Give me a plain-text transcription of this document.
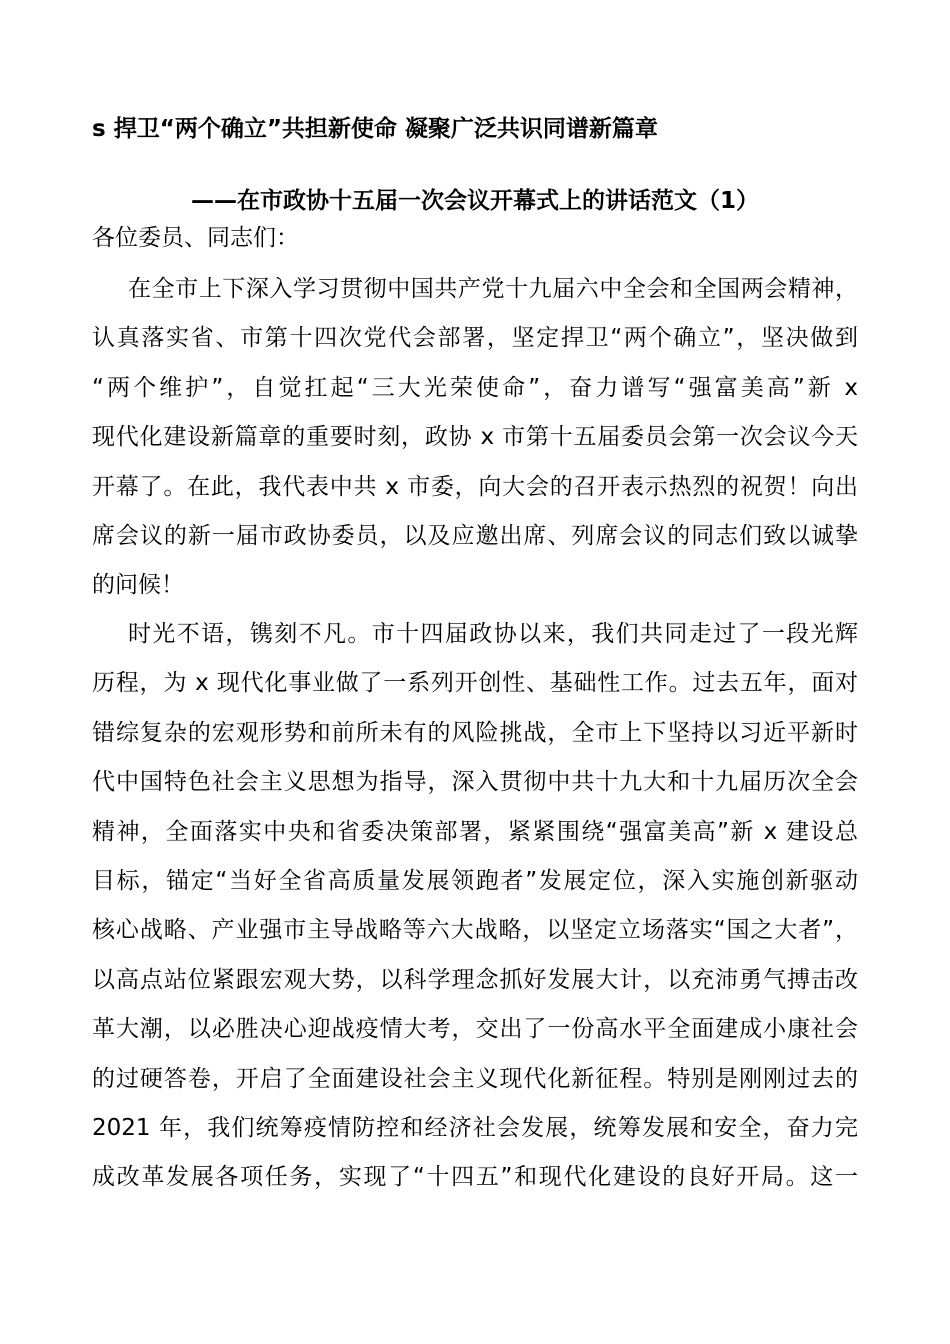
s 捍卫“两个确立”共担新使命 凝聚广泛共识同谱新篇章
——在市政协十五届一次会议开幕式上的讲话范文（1）

各位委员、同志们：

在全市上下深入学习贯彻中国共产党十九届六中全会和全国两会精神，
认真落实省、市第十四次党代会部署，坚定捍卫“两个确立”，坚决做到
“两个维护”，自觉扛起“三大光荣使命”，奋力谱写“强富美高”新 x
现代化建设新篇章的重要时刻，政协 x 市第十五届委员会第一次会议今天
开幕了。在此，我代表中共 x 市委，向大会的召开表示热烈的祝贺！向出
席会议的新一届市政协委员，以及应邀出席、列席会议的同志们致以诚挚
的问候！
时光不语，镌刻不凡。市十四届政协以来，我们共同走过了一段光辉
历程，为 x 现代化事业做了一系列开创性、基础性工作。过去五年，面对
错综复杂的宏观形势和前所未有的风险挑战，全市上下坚持以习近平新时
代中国特色社会主义思想为指导，深入贯彻中共十九大和十九届历次全会
精神，全面落实中央和省委决策部署，紧紧围绕“强富美高”新 x 建设总
目标，锚定“当好全省高质量发展领跑者”发展定位，深入实施创新驱动
核心战略、产业强市主导战略等六大战略，以坚定立场落实“国之大者”，
以高点站位紧跟宏观大势，以科学理念抓好发展大计，以充沛勇气搏击改
革大潮，以必胜决心迎战疫情大考，交出了一份高水平全面建成小康社会
的过硬答卷，开启了全面建设社会主义现代化新征程。特别是刚刚过去的
2021 年，我们统筹疫情防控和经济社会发展，统筹发展和安全，奋力完
成改革发展各项任务，实现了“十四五”和现代化建设的良好开局。这一
